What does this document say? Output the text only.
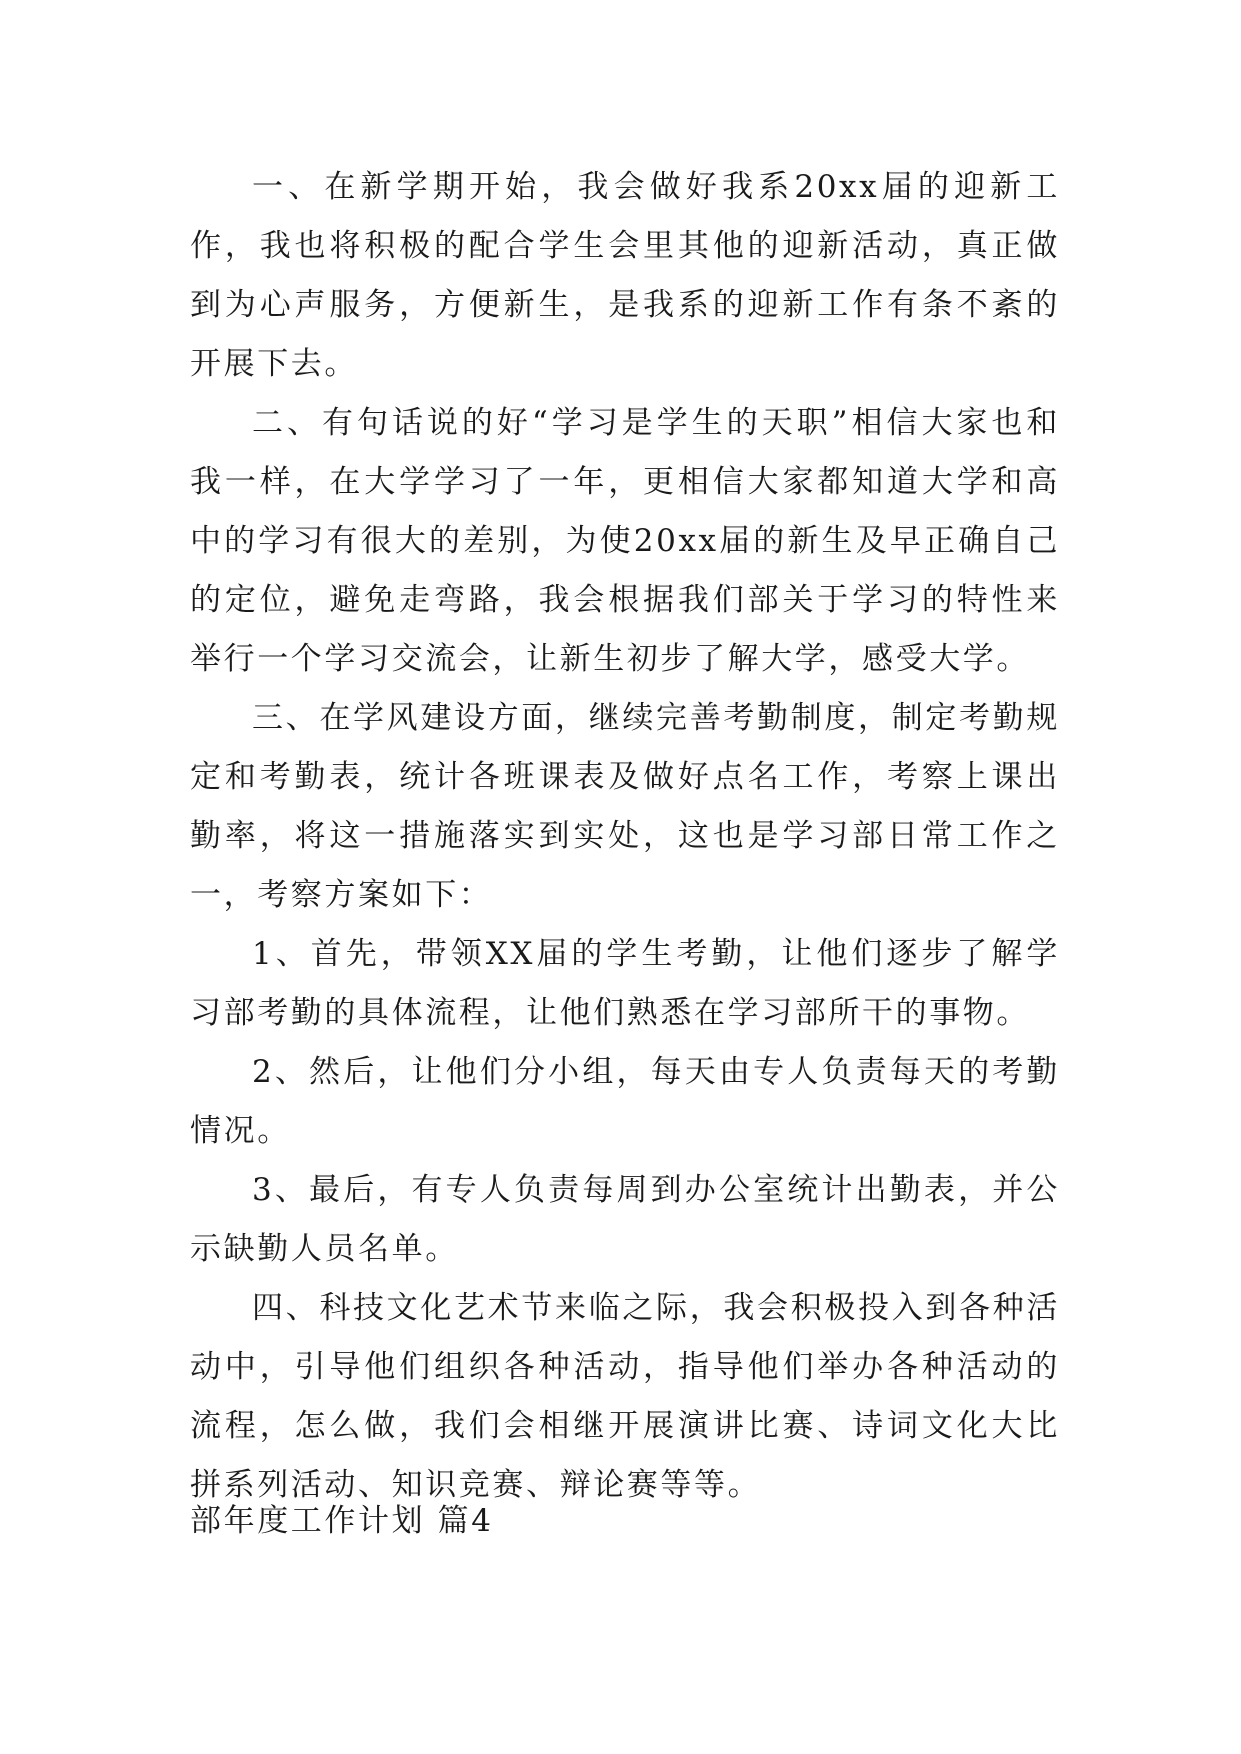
一、在新学期开始，我会做好我系20xx届的迎新工作，我也将积极的配合学生会里其他的迎新活动，真正做到为心声服务，方便新生，是我系的迎新工作有条不紊的开展下去。

二、有句话说的好“学习是学生的天职”相信大家也和我一样，在大学学习了一年，更相信大家都知道大学和高中的学习有很大的差别，为使20xx届的新生及早正确自己的定位，避免走弯路，我会根据我们部关于学习的特性来举行一个学习交流会，让新生初步了解大学，感受大学。

三、在学风建设方面，继续完善考勤制度，制定考勤规定和考勤表，统计各班课表及做好点名工作，考察上课出勤率，将这一措施落实到实处，这也是学习部日常工作之一，考察方案如下：

1、首先，带领XX届的学生考勤，让他们逐步了解学习部考勤的具体流程，让他们熟悉在学习部所干的事物。

2、然后，让他们分小组，每天由专人负责每天的考勤情况。

3、最后，有专人负责每周到办公室统计出勤表，并公示缺勤人员名单。

四、科技文化艺术节来临之际，我会积极投入到各种活动中，引导他们组织各种活动，指导他们举办各种活动的流程，怎么做，我们会相继开展演讲比赛、诗词文化大比拼系列活动、知识竞赛、辩论赛等等。

部年度工作计划 篇4
